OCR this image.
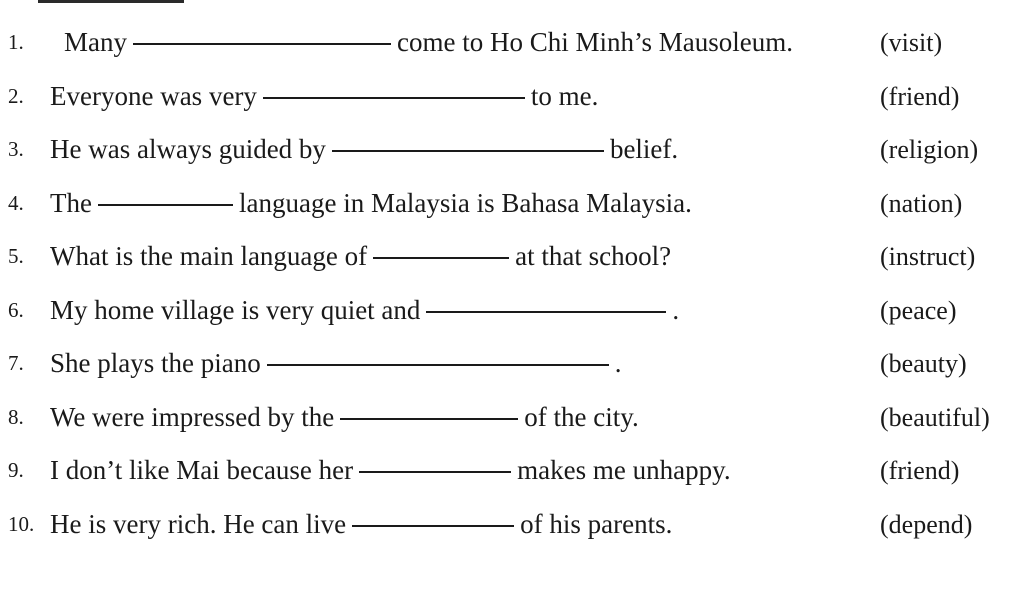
1. Many	come to Ho Chi Minh’s Mausoleum.	(visit)
2. Everyone was very	to me.	(friend)
3. He was always guided by	belief.	(religion)
4. The	language in Malaysia is Bahasa Malaysia.	(nation)
5. What is the main language of	at that school?	(instruct)
6. My home village is very quiet and	.	(peace)
7. She plays the piano	.	(beauty)
8. We were impressed by the	of the city.	(beautiful)
9. I don’t like Mai because her	makes me unhappy.	(friend)
10. He is very rich. He can live	of his parents.	(depend)
